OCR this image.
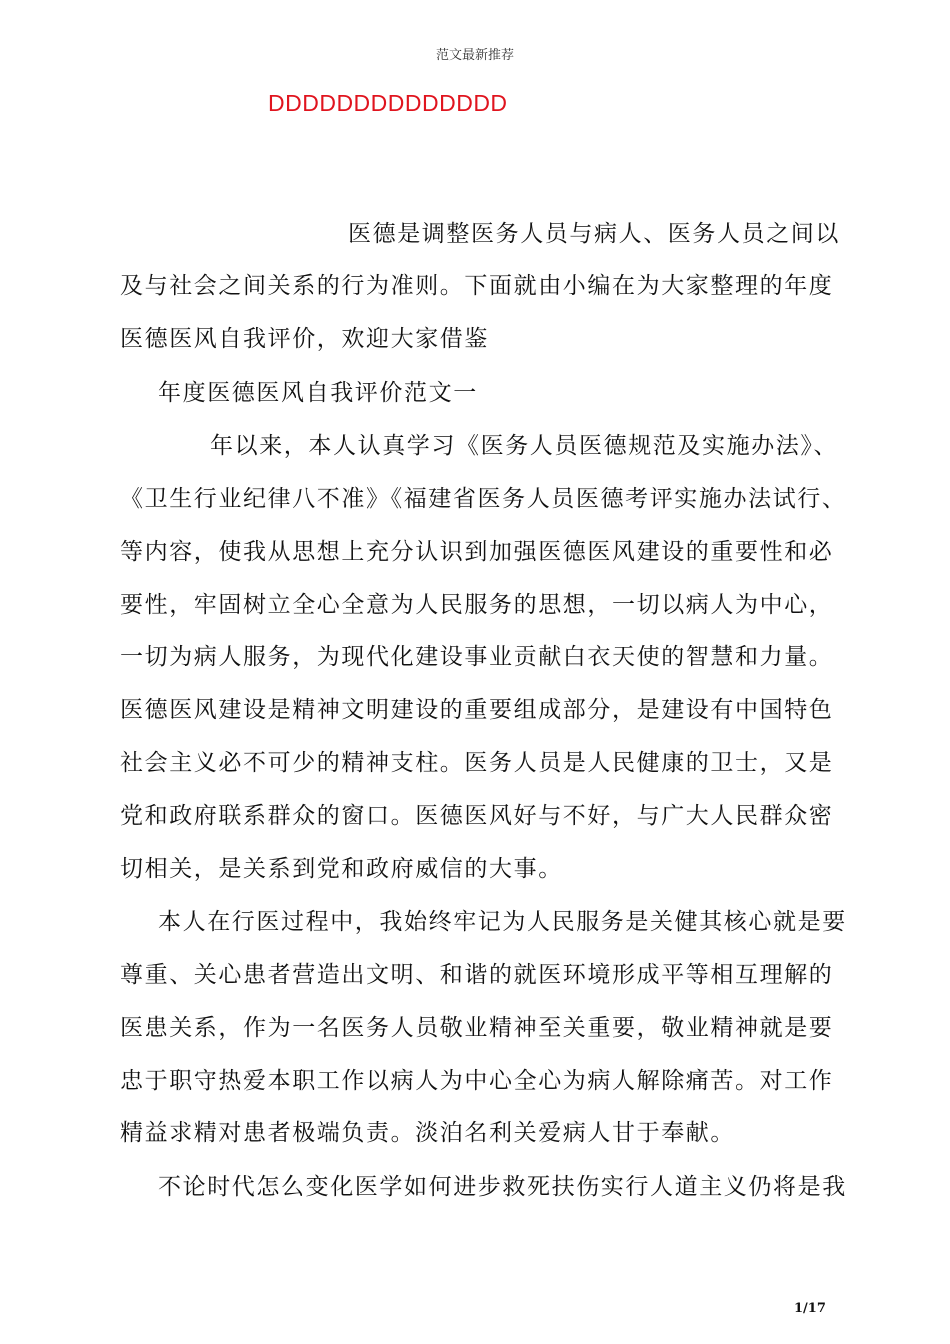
范文最新推荐
DDDDDDDDDDDDDD
医德是调整医务人员与病人、医务人员之间以
及与社会之间关系的行为准则。下面就由小编在为大家整理的年度
医德医风自我评价，欢迎大家借鉴
年度医德医风自我评价范文一
年以来，本人认真学习《医务人员医德规范及实施办法》、
《卫生行业纪律八不准》《福建省医务人员医德考评实施办法试行、
等内容，使我从思想上充分认识到加强医德医风建设的重要性和必
要性，牢固树立全心全意为人民服务的思想，一切以病人为中心，
一切为病人服务，为现代化建设事业贡献白衣天使的智慧和力量。
医德医风建设是精神文明建设的重要组成部分，是建设有中国特色
社会主义必不可少的精神支柱。医务人员是人民健康的卫士，又是
党和政府联系群众的窗口。医德医风好与不好，与广大人民群众密
切相关，是关系到党和政府威信的大事。
本人在行医过程中，我始终牢记为人民服务是关健其核心就是要
尊重、关心患者营造出文明、和谐的就医环境形成平等相互理解的
医患关系，作为一名医务人员敬业精神至关重要，敬业精神就是要
忠于职守热爱本职工作以病人为中心全心为病人解除痛苦。对工作
精益求精对患者极端负责。淡泊名利关爱病人甘于奉献。
不论时代怎么变化医学如何进步救死扶伤实行人道主义仍将是我
1/17
